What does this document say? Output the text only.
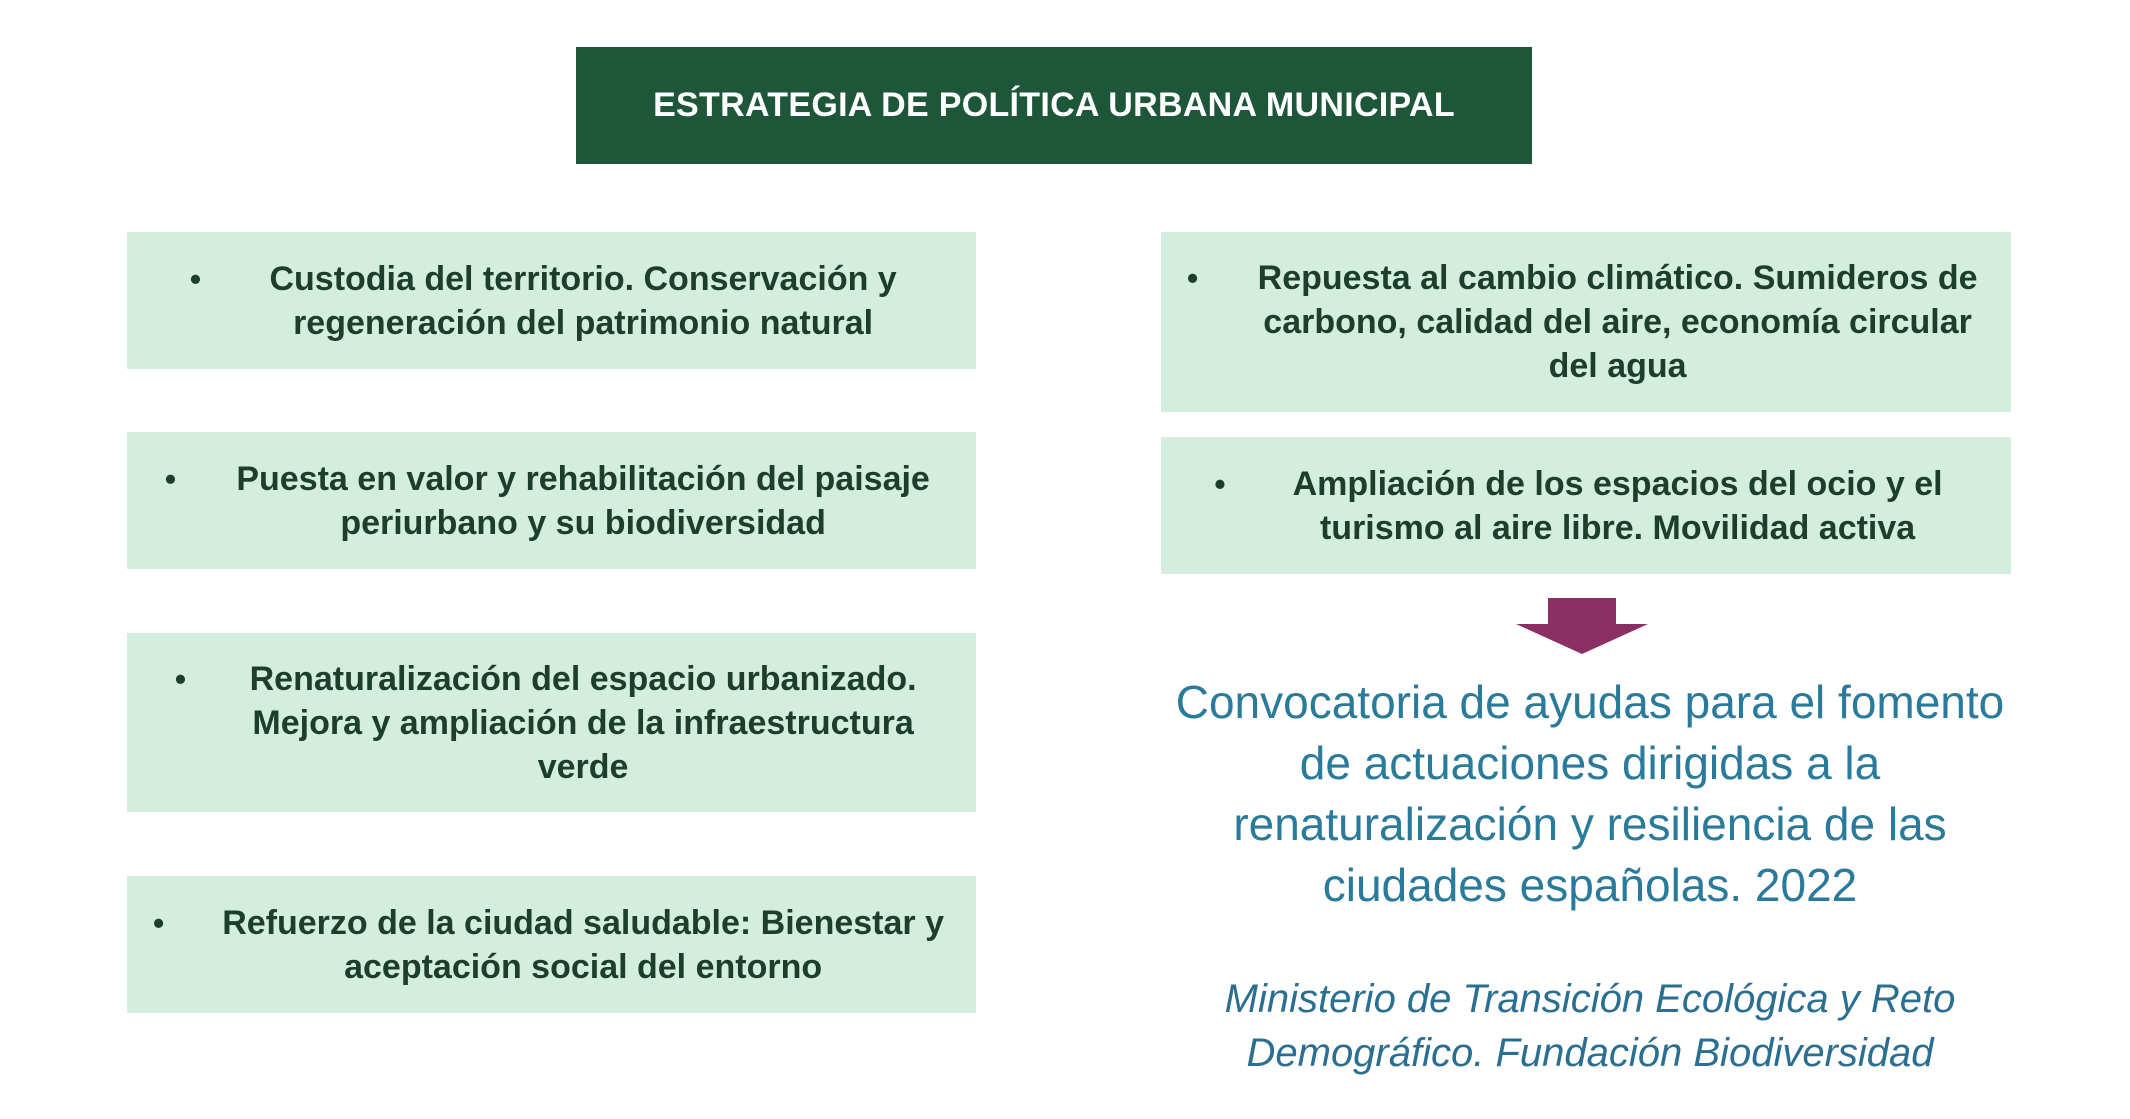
ESTRATEGIA DE POLÍTICA URBANA MUNICIPAL
•	Custodia del territorio. Conservación y regeneración del patrimonio natural
• Puesta en valor y rehabilitación del paisaje periurbano y su biodiversidad
•	Renaturalización del espacio urbanizado. Mejora y ampliación de la infraestructura verde
• Refuerzo de la ciudad saludable: Bienestar y aceptación social del entorno
• Repuesta al cambio climático. Sumideros de carbono, calidad del aire, economía circular del agua
•	Ampliación de los espacios del ocio y el turismo al aire libre. Movilidad activa
Convocatoria de ayudas para el fomento de actuaciones dirigidas a la renaturalización y resiliencia de las ciudades españolas. 2022
Ministerio de Transición Ecológica y Reto Demográfico. Fundación Biodiversidad
